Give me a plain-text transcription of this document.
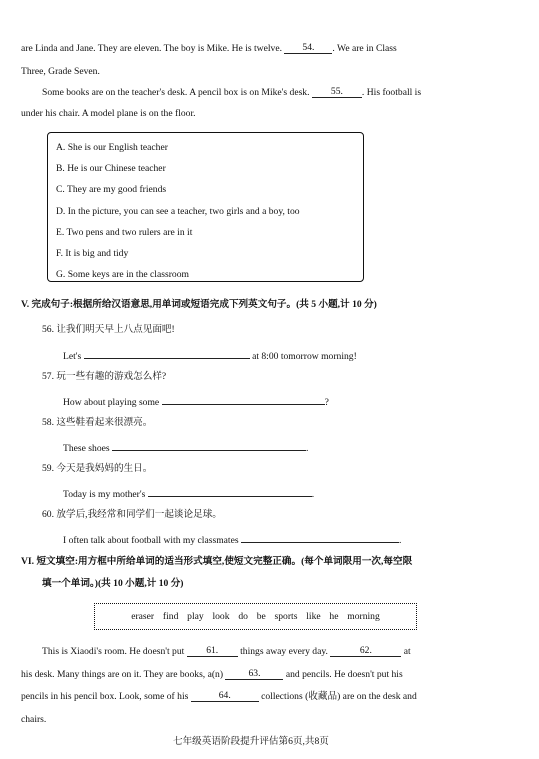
are Linda and Jane. They are eleven. The boy is Mike. He is twelve. 54. . We are in Class
Three, Grade Seven.
Some books are on the teacher's desk. A pencil box is on Mike's desk. 55. . His football is
under his chair. A model plane is on the floor.
A. She is our English teacher
B. He is our Chinese teacher
C. They are my good friends
D. In the picture, you can see a teacher, two girls and a boy, too
E. Two pens and two rulers are in it
F. It is big and tidy
G. Some keys are in the classroom
V. 完成句子:根据所给汉语意思,用单词或短语完成下列英文句子。(共 5 小题,计 10 分)
56. 让我们明天早上八点见面吧!
Let's	at 8:00 tomorrow morning!
57. 玩一些有趣的游戏怎么样?
How about playing some	?
58. 这些鞋看起来很漂亮。
These shoes	.
59. 今天是我妈妈的生日。
Today is my mother's	.
60. 放学后,我经常和同学们一起谈论足球。
I often talk about football with my classmates	.
VI. 短文填空:用方框中所给单词的适当形式填空,使短文完整正确。(每个单词限用一次,每空限
填一个单词。)(共 10 小题,计 10 分)
eraser find play look do be sports like he morning
This is Xiaodi's room. He doesn't put 61. things away every day.	62.	at
his desk. Many things are on it. They are books, a(n)	63.	and pencils. He doesn't put his
pencils in his pencil box. Look, some of his	64.	collections (收藏品) are on the desk and
chairs.
七年级英语阶段提升评估第6页,共8页
